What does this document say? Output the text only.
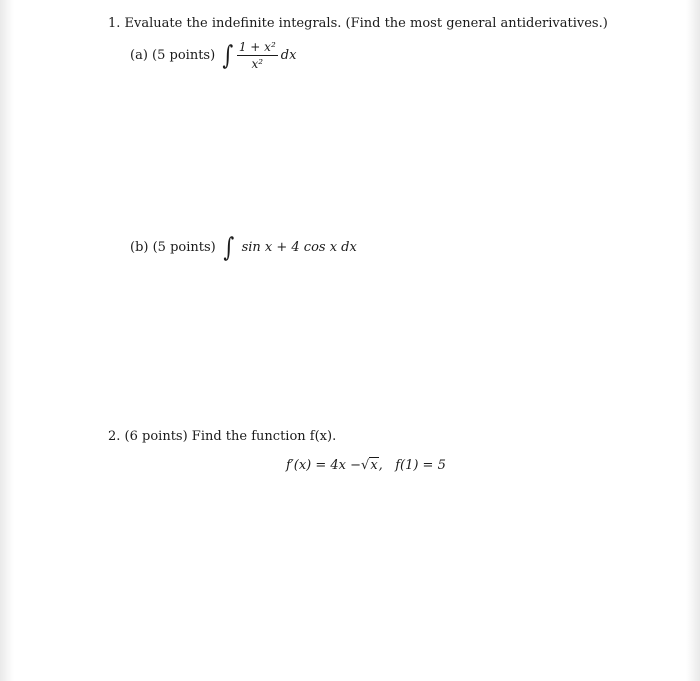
1. Evaluate the indefinite integrals. (Find the most general antiderivatives.)
(a) (5 points) ∫ $\frac{\text{1 + x²}}{\text{x²}}$ dx
(b) (5 points) ∫ sin x + 4 cos x dx
2. (6 points) Find the function f(x).
f′(x) = 4x −√x,   f(1) = 5
